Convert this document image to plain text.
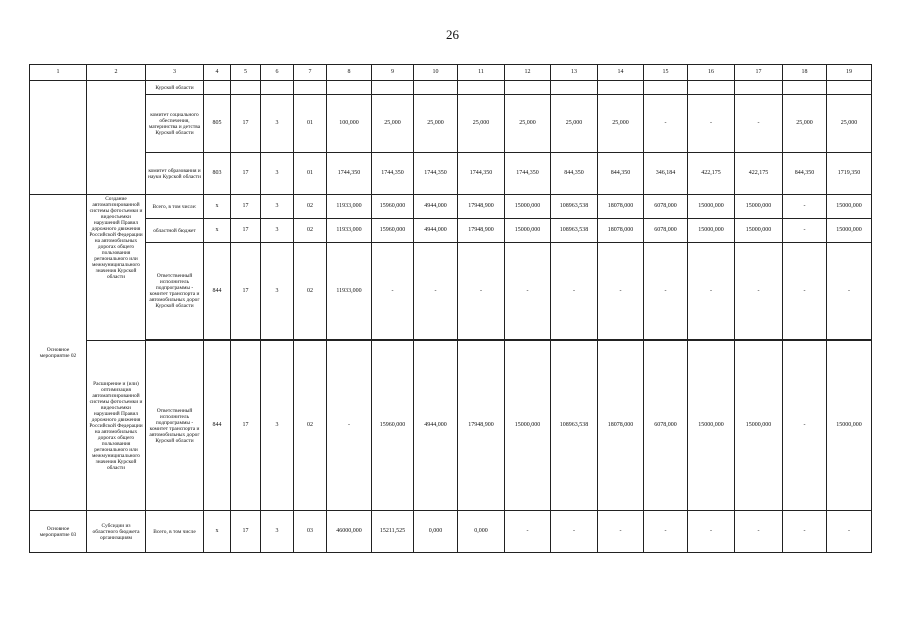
26
1	2	3	4	5	6	7	8	9	10	11	12	13	14	15	16	17	18	19
		Курской области																
		комитет социального обеспечения, материнства и детства Курской области	805	17	3	01	100,000	25,000	25,000	25,000	25,000	25,000	25,000	-	-	-	25,000	25,000
		комитет образования и науки Курской области	803	17	3	01	1744,350	1744,350	1744,350	1744,350	1744,350	844,350	844,350	346,184	422,175	422,175	844,350	1719,350
Основное мероприятие 02	Создание автоматизированной системы фотосъемки и видеосъемки нарушений Правил дорожного движения Российской Федерации на автомобильных дорогах общего пользования регионального или межмуниципального значения Курской области	Всего, в том числе:	x	17	3	02	11933,000	15960,000	4944,000	17948,900	15000,000	108963,538	18078,000	6078,000	15000,000	15000,000	-	15000,000
		областной бюджет	x	17	3	02	11933,000	15960,000	4944,000	17948,900	15000,000	108963,538	18078,000	6078,000	15000,000	15000,000	-	15000,000
		Ответственный исполнитель подпрограммы - комитет транспорта и автомобильных дорог Курской области	844	17	3	02	11933,000	-	-	-	-	-	-	-	-	-	-	-

	Расширение и (или) оптимизация автоматизированной системы фотосъемки и видеосъемки нарушений Правил дорожного движения Российской Федерации на автомобильных дорогах общего пользования регионального или межмуниципального значения Курской области	Ответственный исполнитель подпрограммы - комитет транспорта и автомобильных дорог Курской области	844	17	3	02	-	15960,000	4944,000	17948,900	15000,000	108963,538	18078,000	6078,000	15000,000	15000,000	-	15000,000
Основное мероприятие 03	Субсидии из областного бюджета организациям	Всего, в том числе	x	17	3	03	46000,000	15211,525	0,000	0,000	-	-	-	-	-	-	-	-
